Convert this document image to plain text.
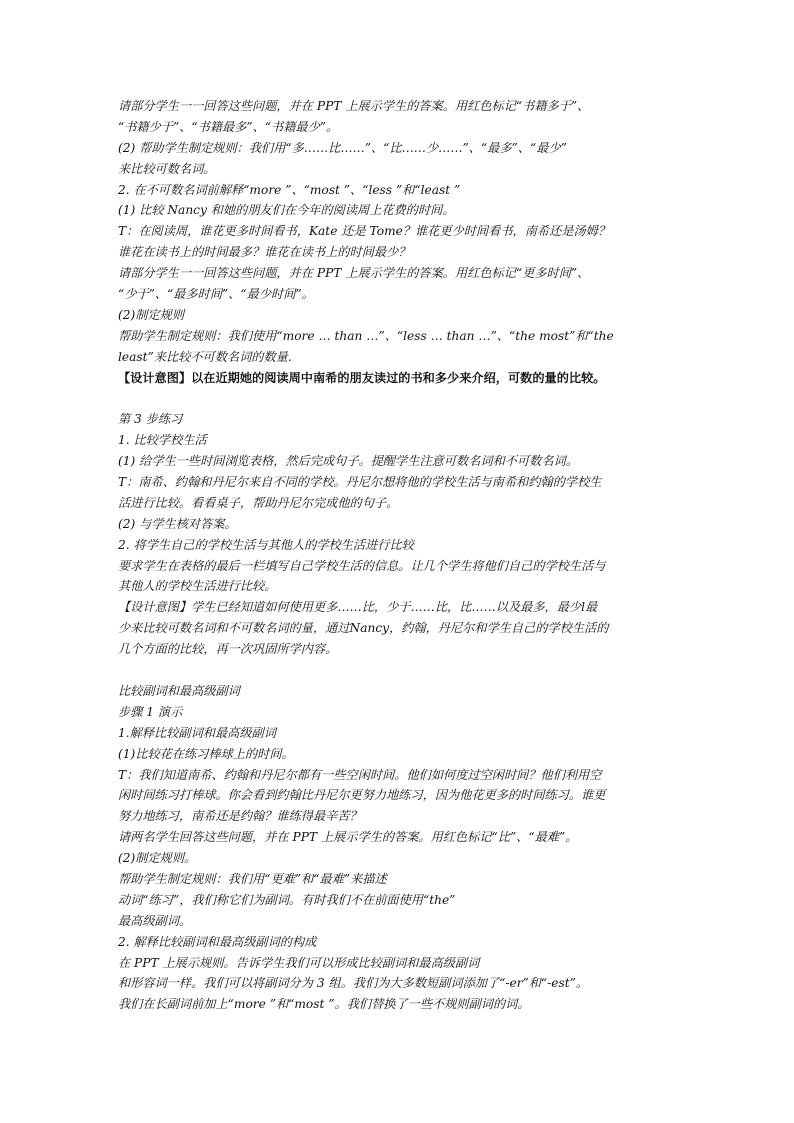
请部分学生一一回答这些问题，并在 PPT 上展示学生的答案。用红色标记“书籍多于”、
“书籍少于”、“书籍最多”、“书籍最少”。
(2) 帮助学生制定规则：我们用“多……比……”、“比……少……”、“最多”、“最少”
来比较可数名词。
2. 在不可数名词前解释“more ”、“most ”、“less ”和“least ”
(1) 比较 Nancy 和她的朋友们在今年的阅读周上花费的时间。
T：在阅读周，谁花更多时间看书，Kate 还是 Tome？谁花更少时间看书，南希还是汤姆？
谁花在读书上的时间最多？谁花在读书上的时间最少？
请部分学生一一回答这些问题，并在 PPT 上展示学生的答案。用红色标记“更多时间”、
“少于”、“最多时间”、“最少时间”。
(2)制定规则
帮助学生制定规则：我们使用“more … than …”、“less … than …”、“the most”和“the
least”来比较不可数名词的数量.
【设计意图】以在近期她的阅读周中南希的朋友读过的书和多少来介绍，可数的量的比较。
第 3 步练习
1. 比较学校生活
(1) 给学生一些时间浏览表格，然后完成句子。提醒学生注意可数名词和不可数名词。
T：南希、约翰和丹尼尔来自不同的学校。丹尼尔想将他的学校生活与南希和约翰的学校生
活进行比较。看看桌子，帮助丹尼尔完成他的句子。
(2) 与学生核对答案。
2. 将学生自己的学校生活与其他人的学校生活进行比较
要求学生在表格的最后一栏填写自己学校生活的信息。让几个学生将他们自己的学校生活与
其他人的学校生活进行比较。
【设计意图】学生已经知道如何使用更多……比，少于……比，比……以及最多，最少l最
少来比较可数名词和不可数名词的量，通过Nancy，约翰，丹尼尔和学生自己的学校生活的
几个方面的比较，再一次巩固所学内容。
比较副词和最高级副词
步骤 1 演示
1.解释比较副词和最高级副词
(1)比较花在练习棒球上的时间。
T：我们知道南希、约翰和丹尼尔都有一些空闲时间。他们如何度过空闲时间？他们利用空
闲时间练习打棒球。你会看到约翰比丹尼尔更努力地练习，因为他花更多的时间练习。谁更
努力地练习，南希还是约翰？谁练得最辛苦？
请两名学生回答这些问题，并在 PPT 上展示学生的答案。用红色标记“比”、“最难”。
(2)制定规则。
帮助学生制定规则：我们用“更难”和“最难”来描述
动词“练习”，我们称它们为副词。有时我们不在前面使用“the”
最高级副词。
2. 解释比较副词和最高级副词的构成
在 PPT 上展示规则。告诉学生我们可以形成比较副词和最高级副词
和形容词一样。我们可以将副词分为 3 组。我们为大多数短副词添加了“-er”和“-est”。
我们在长副词前加上“more ”和“most ”。我们替换了一些不规则副词的词。
